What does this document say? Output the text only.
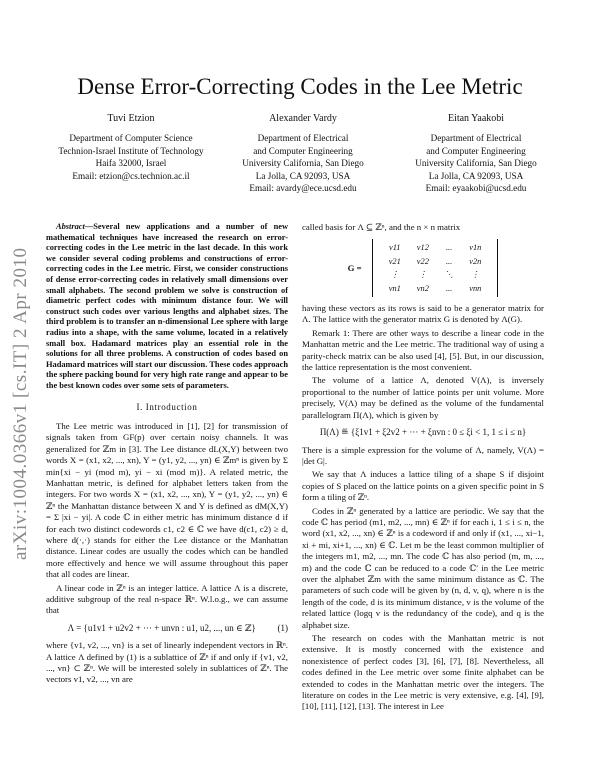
arXiv:1004.0366v1 [cs.IT] 2 Apr 2010
Dense Error-Correcting Codes in the Lee Metric
Tuvi Etzion
Department of Computer Science
Technion-Israel Institute of Technology
Haifa 32000, Israel
Email: etzion@cs.technion.ac.il
Alexander Vardy
Department of Electrical
and Computer Engineering
University California, San Diego
La Jolla, CA 92093, USA
Email: avardy@ece.ucsd.edu
Eitan Yaakobi
Department of Electrical
and Computer Engineering
University California, San Diego
La Jolla, CA 92093, USA
Email: eyaakobi@ucsd.edu

Abstract—Several new applications and a number of new mathematical techniques have increased the research on error-correcting codes in the Lee metric in the last decade. In this work we consider several coding problems and constructions of error-correcting codes in the Lee metric. First, we consider constructions of dense error-correcting codes in relatively small dimensions over small alphabets. The second problem we solve is construction of diametric perfect codes with minimum distance four. We will construct such codes over various lengths and alphabet sizes. The third problem is to transfer an n-dimensional Lee sphere with large radius into a shape, with the same volume, located in a relatively small box. Hadamard matrices play an essential role in the solutions for all three problems. A construction of codes based on Hadamard matrices will start our discussion. These codes approach the sphere packing bound for very high rate range and appear to be the best known codes over some sets of parameters.

I. Introduction

The Lee metric was introduced in [1], [2] for transmission of signals taken from GF(p) over certain noisy channels. It was generalized for ℤm in [3]. The Lee distance dL(X,Y) between two words X = (x1, x2, ..., xn), Y = (y1, y2, ..., yn) ∈ ℤmⁿ is given by Σ min{xi − yi (mod m), yi − xi (mod m)}. A related metric, the Manhattan metric, is defined for alphabet letters taken from the integers. For two words X = (x1, x2, ..., xn), Y = (y1, y2, ..., yn) ∈ ℤⁿ the Manhattan distance between X and Y is defined as dM(X,Y) = Σ |xi − yi|. A code ℂ in either metric has minimum distance d if for each two distinct codewords c1, c2 ∈ ℂ we have d(c1, c2) ≥ d, where d(·,·) stands for either the Lee distance or the Manhattan distance. Linear codes are usually the codes which can be handled more effectively and hence we will assume throughout this paper that all codes are linear.

A linear code in ℤⁿ is an integer lattice. A lattice Λ is a discrete, additive subgroup of the real n-space ℝⁿ. W.l.o.g., we can assume that

Λ = {u1v1 + u2v2 + ··· + unvn : u1, u2, ..., un ∈ ℤ} (1)

where {v1, v2, ..., vn} is a set of linearly independent vectors in ℝⁿ. A lattice Λ defined by (1) is a sublattice of ℤⁿ if and only if {v1, v2, ..., vn} ⊂ ℤⁿ. We will be interested solely in sublattices of ℤⁿ. The vectors v1, v2, ..., vn are

called basis for Λ ⊆ ℤⁿ, and the n × n matrix

G =
v11	v12	...	v1n
v21	v22	...	v2n
⋮	⋮	⋱	⋮
vn1	vn2	...	vnn

having these vectors as its rows is said to be a generator matrix for Λ. The lattice with the generator matrix G is denoted by Λ(G).

Remark 1: There are other ways to describe a linear code in the Manhattan metric and the Lee metric. The traditional way of using a parity-check matrix can be also used [4], [5]. But, in our discussion, the lattice representation is the most convenient.

The volume of a lattice Λ, denoted V(Λ), is inversely proportional to the number of lattice points per unit volume. More precisely, V(Λ) may be defined as the volume of the fundamental parallelogram Π(Λ), which is given by

Π(Λ) ≝ {ξ1v1 + ξ2v2 + ··· + ξnvn : 0 ≤ ξi < 1, 1 ≤ i ≤ n}

There is a simple expression for the volume of Λ, namely, V(Λ) = |det G|.

We say that Λ induces a lattice tiling of a shape S if disjoint copies of S placed on the lattice points on a given specific point in S form a tiling of ℤⁿ.

Codes in ℤⁿ generated by a lattice are periodic. We say that the code ℂ has period (m1, m2, ..., mn) ∈ ℤⁿ if for each i, 1 ≤ i ≤ n, the word (x1, x2, ..., xn) ∈ ℤⁿ is a codeword if and only if (x1, ..., xi−1, xi + mi, xi+1, ..., xn) ∈ ℂ. Let m be the least common multiplier of the integers m1, m2, ..., mn. The code ℂ has also period (m, m, ..., m) and the code ℂ can be reduced to a code ℂ′ in the Lee metric over the alphabet ℤm with the same minimum distance as ℂ. The parameters of such code will be given by (n, d, v, q), where n is the length of the code, d is its minimum distance, v is the volume of the related lattice (logq v is the redundancy of the code), and q is the alphabet size.

The research on codes with the Manhattan metric is not extensive. It is mostly concerned with the existence and nonexistence of perfect codes [3], [6], [7], [8]. Nevertheless, all codes defined in the Lee metric over some finite alphabet can be extended to codes in the Manhattan metric over the integers. The literature on codes in the Lee metric is very extensive, e.g. [4], [9], [10], [11], [12], [13]. The interest in Lee
